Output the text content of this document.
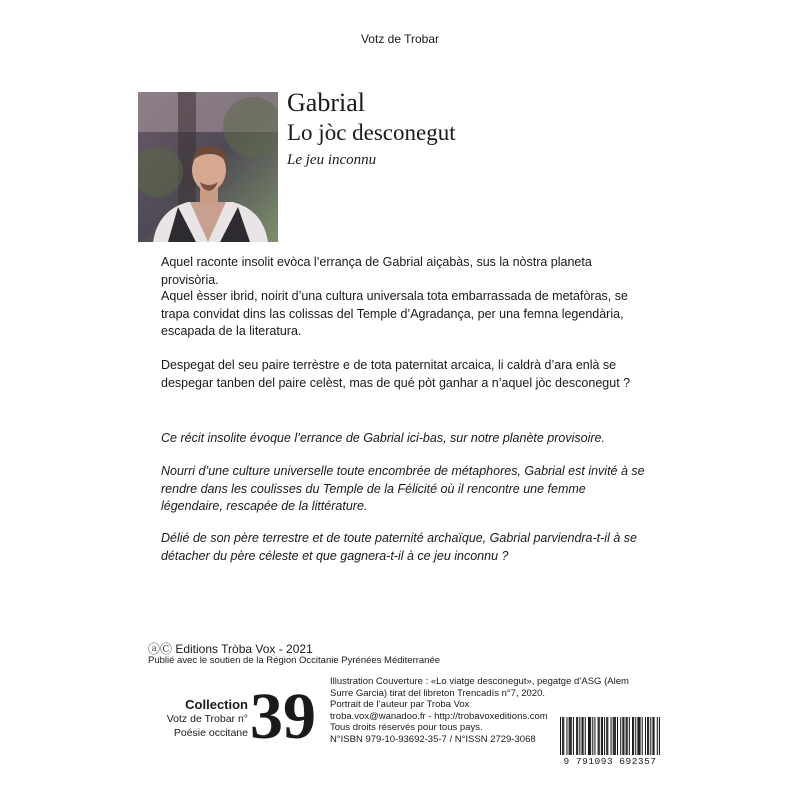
Votz de Trobar
Gabrial
Lo jòc desconegut
Le jeu inconnu

Aquel raconte insolit evòca l’errança de Gabrial aiçabàs, sus la nòstra planeta provisòria.

Aquel èsser ibrid, noirit d’una cultura universala tota embarrassada de metafòras, se trapa convidat dins las colissas del Temple d’Agradança, per una femna legendària, escapada de la literatura.

Despegat del seu paire terrèstre e de tota paternitat arcaica, li caldrà d’ara enlà se despegar tanben del paire celèst, mas de qué pòt ganhar a n’aquel jòc desconegut ?

Ce récit insolite évoque l’errance de Gabrial ici-bas, sur notre planète provisoire.

Nourri d’une culture universelle toute encombrée de métaphores, Gabrial est invité à se rendre dans les coulisses du Temple de la Félicité où il rencontre une femme légendaire, rescapée de la littérature.

Délié de son père terrestre et de toute paternité archaïque, Gabrial parviendra-t-il à se détacher du père céleste et que gagnera-t-il à ce jeu inconnu ?

ⓐⒸ Editions Tròba Vox - 2021
Publié avec le soutien de la Région Occitanie Pyrénées Méditerranée
Collection
Votz de Trobar n°
Poésie occitane 39 Illustration Couverture : «Lo viatge desconegut», pegatge d’ASG (Alem
Surre Garcia) tirat del libreton Trencadís n°7, 2020.
Portrait de l’auteur par Troba Vox
troba.vox@wanadoo.fr - http://trobavoxeditions.com
Tous droits réservés pour tous pays.
N°ISBN 979-10-93692-35-7 / N°ISSN 2729-3068
9 791093 692357
